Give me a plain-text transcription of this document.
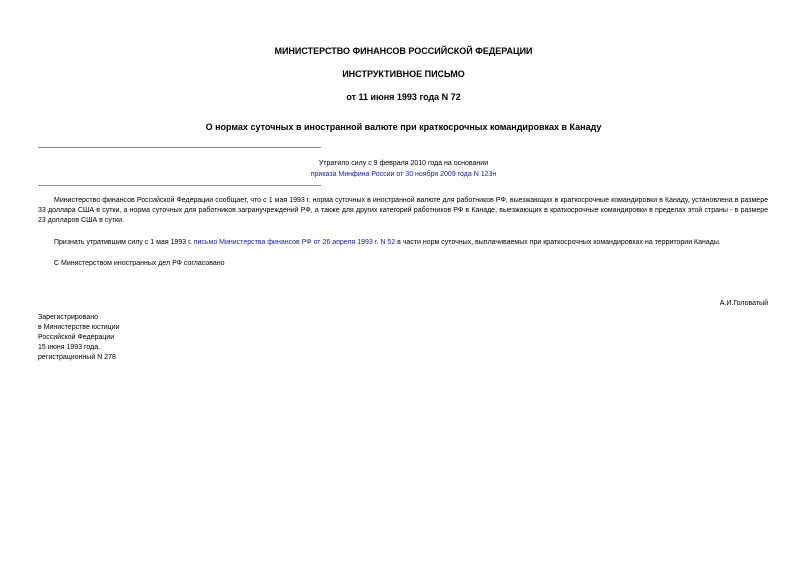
МИНИСТЕРСТВО ФИНАНСОВ РОССИЙСКОЙ ФЕДЕРАЦИИ
ИНСТРУКТИВНОЕ ПИСЬМО
от 11 июня 1993 года N 72
О нормах суточных в иностранной валюте при краткосрочных командировках в Канаду
Утратило силу с 9 февраля 2010 года на основании
приказа Минфина России от 30 ноября 2009 года N 123н

Министерство финансов Российской Федерации сообщает, что с 1 мая 1993 г. норма суточных в иностранной валюте для работников РФ, выезжающих в краткосрочные командировки в Канаду, установлена в размере 33 доллара США в сутки, а норма суточных для работников загранучреждений РФ, а также для других категорий работников РФ в Канаде, выезжающих в краткосрочные командировки в пределах этой страны - в размере 23 долларов США в сутки.

Признать утратившим силу с 1 мая 1993 г. письмо Министерства финансов РФ от 26 апреля 1993 г. N 52 в части норм суточных, выплачиваемых при краткосрочных командировках на территории Канады.

С Министерством иностранных дел РФ согласовано

А.И.Головатый
Зарегистрировано
в Министерстве юстиции
Российской Федерации
15 июня 1993 года,
регистрационный N 278
